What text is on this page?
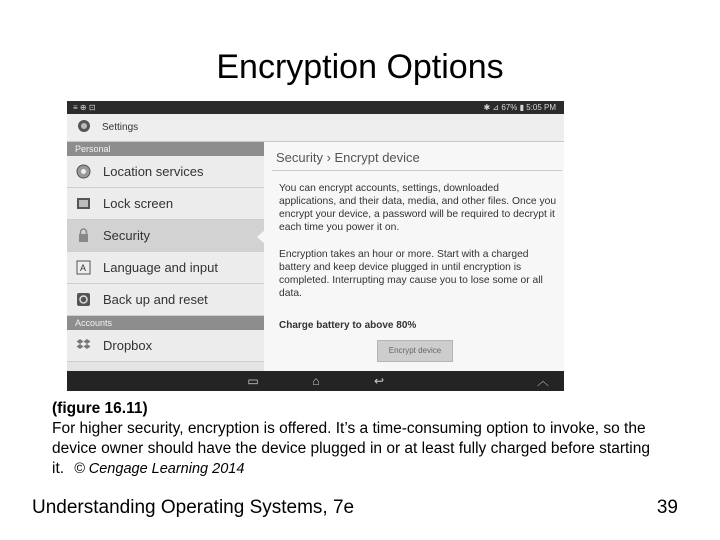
Encryption Options
≡ ⊕ ⊡	✱ ⊿ 67% ▮ 5:05 PM
Settings
Personal
Location services
Lock screen
Security
A Language and input
Back up and reset
Accounts
Dropbox
Security › Encrypt device
You can encrypt accounts, settings, downloaded applications, and their data, media, and other files. Once you encrypt your device, a password will be required to decrypt it each time you power it on.
Encryption takes an hour or more. Start with a charged battery and keep device plugged in until encryption is completed. Interrupting may cause you to lose some or all data.
Charge battery to above 80%
Encrypt device
▭	⌂	↩	︿
(figure 16.11)
For higher security, encryption is offered. It’s a time-consuming option to invoke, so the device owner should have the device plugged in or at least fully charged before starting it. © Cengage Learning 2014
Understanding Operating Systems, 7e	39
